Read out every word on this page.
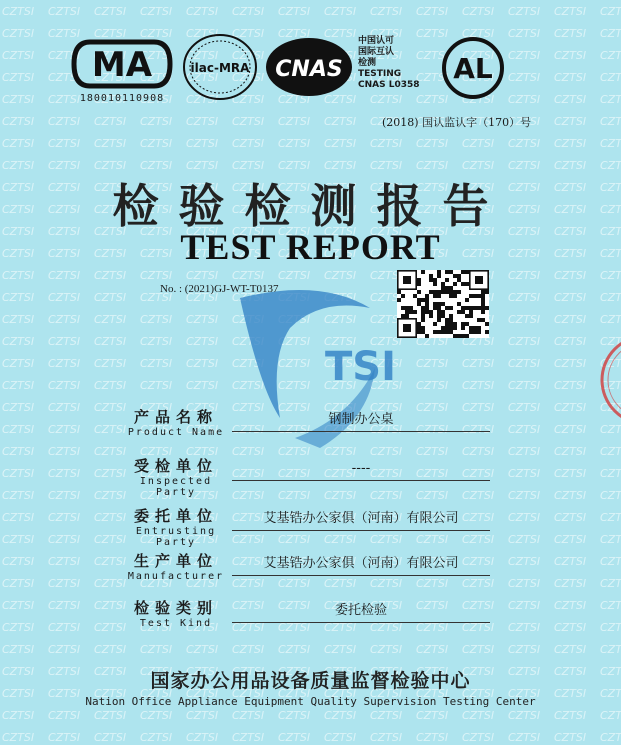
TSI
MA
180010110908
ilac-MRA CNAS
中国认可
国际互认
检测
TESTING
CNAS L0358 AL
(2018) 国认监认字（170）号
检验检测报告
TEST REPORT
No. : (2021)GJ-WT-T0137
产品名称
Product Name
钢制办公桌
受检单位
Inspected Party
----
委托单位
Entrusting Party
艾基锆办公家俱（河南）有限公司
生产单位
Manufacturer
艾基锆办公家俱（河南）有限公司
检验类别
Test Kind
委托检验
国家办公用品设备质量监督检验中心
Nation Office Appliance Equipment Quality Supervision Testing Center
